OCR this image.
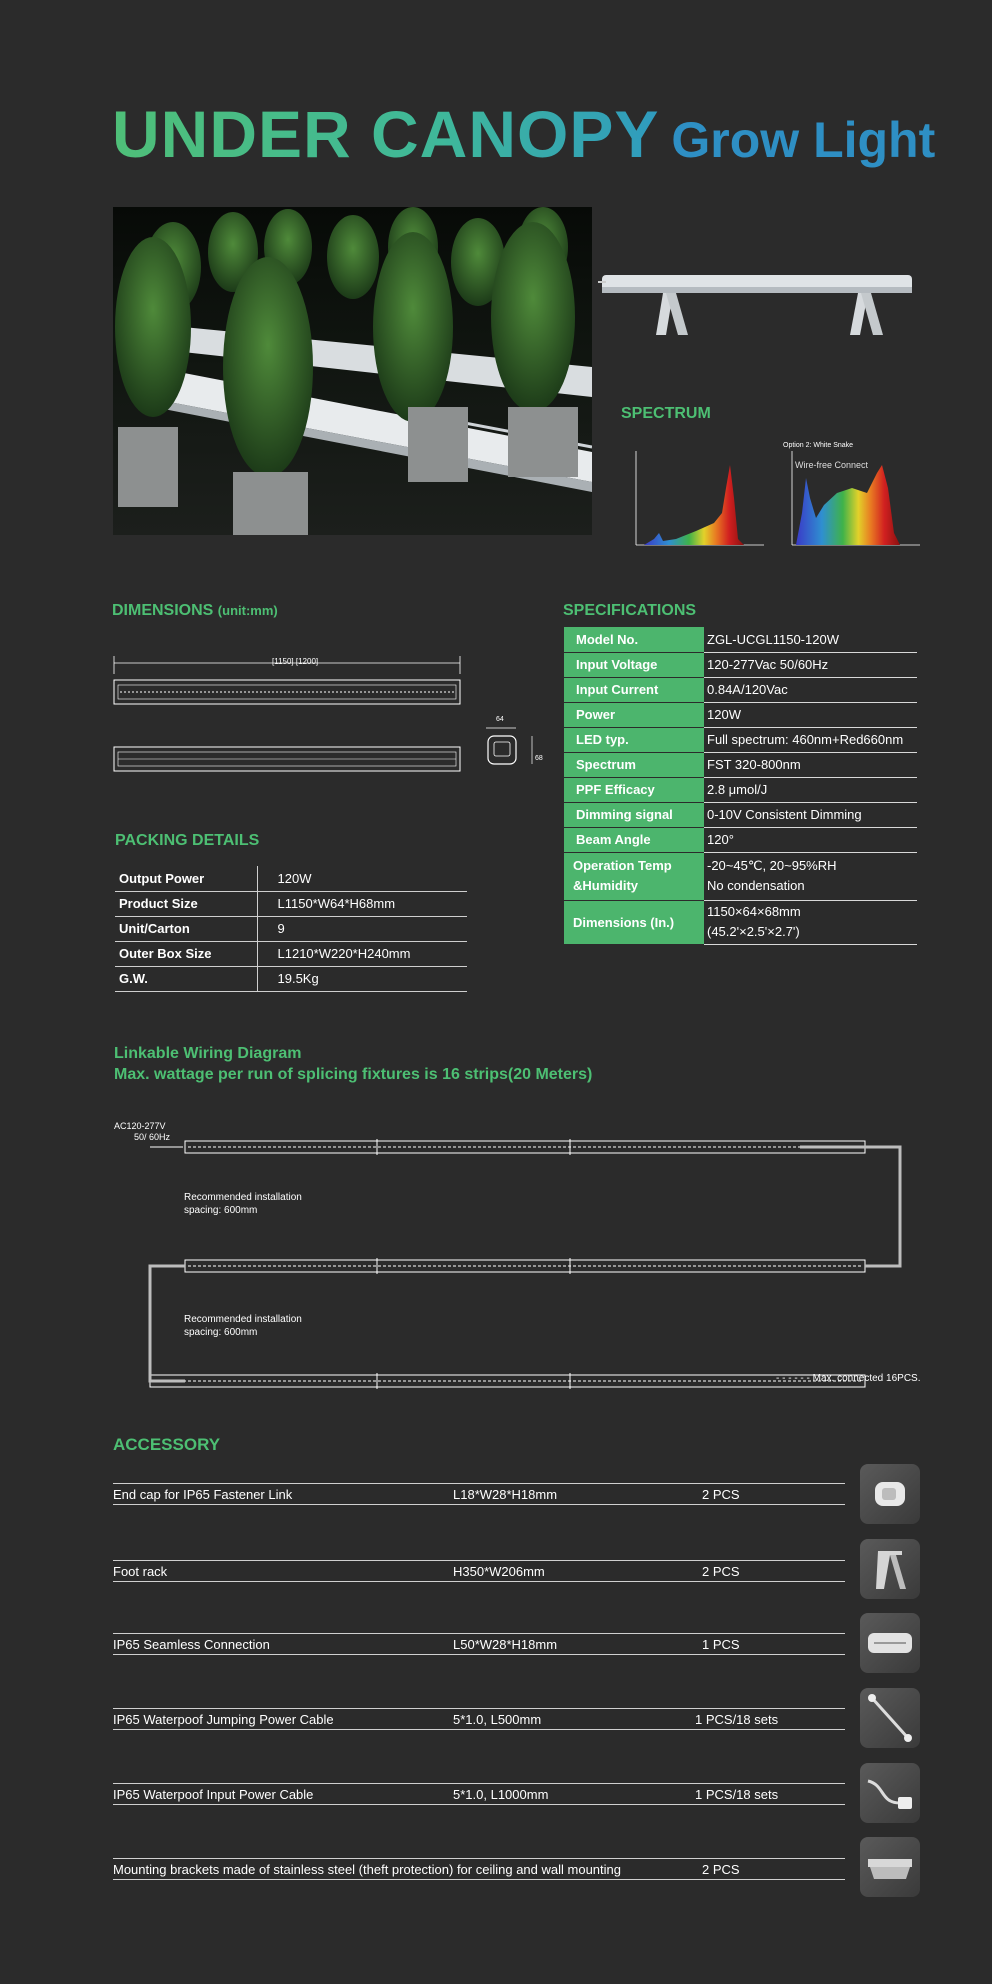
UNDER CANOPY Grow Light
SPECTRUM
Option 2: White Snake
Wire-free Connect
DIMENSIONS (unit:mm)
[1150] [1200]
64
68
SPECIFICATIONS
Model No.	ZGL-UCGL1150-120W
Input Voltage	120-277Vac 50/60Hz
Input Current	0.84A/120Vac
Power	120W
LED typ.	Full spectrum: 460nm+Red660nm
Spectrum	FST 320-800nm
PPF Efficacy	2.8 μmol/J
Dimming signal	0-10V Consistent Dimming
Beam Angle	120°
Operation Temp
&Humidity	-20~45℃, 20~95%RH
No condensation
Dimensions (In.)	1150×64×68mm
(45.2'×2.5'×2.7')
PACKING DETAILS
Output Power	120W
Product Size	L1150*W64*H68mm
Unit/Carton	9
Outer Box Size	L1210*W220*H240mm
G.W.	19.5Kg
Linkable Wiring Diagram
Max. wattage per run of splicing fixtures is 16 strips(20 Meters)
AC120-277V
50/ 60Hz
Recommended installation
spacing: 600mm
Recommended installation
spacing: 600mm
- - - - - - Max. connected 16PCS.
ACCESSORY
End cap for IP65 Fastener Link	L18*W28*H18mm	2 PCS
Foot rack	H350*W206mm	2 PCS
IP65 Seamless Connection	L50*W28*H18mm	1 PCS
IP65 Waterpoof Jumping Power Cable	5*1.0, L500mm	1 PCS/18 sets
IP65 Waterpoof Input Power Cable	5*1.0, L1000mm	1 PCS/18 sets
Mounting brackets made of stainless steel (theft protection) for ceiling and wall mounting	2 PCS
